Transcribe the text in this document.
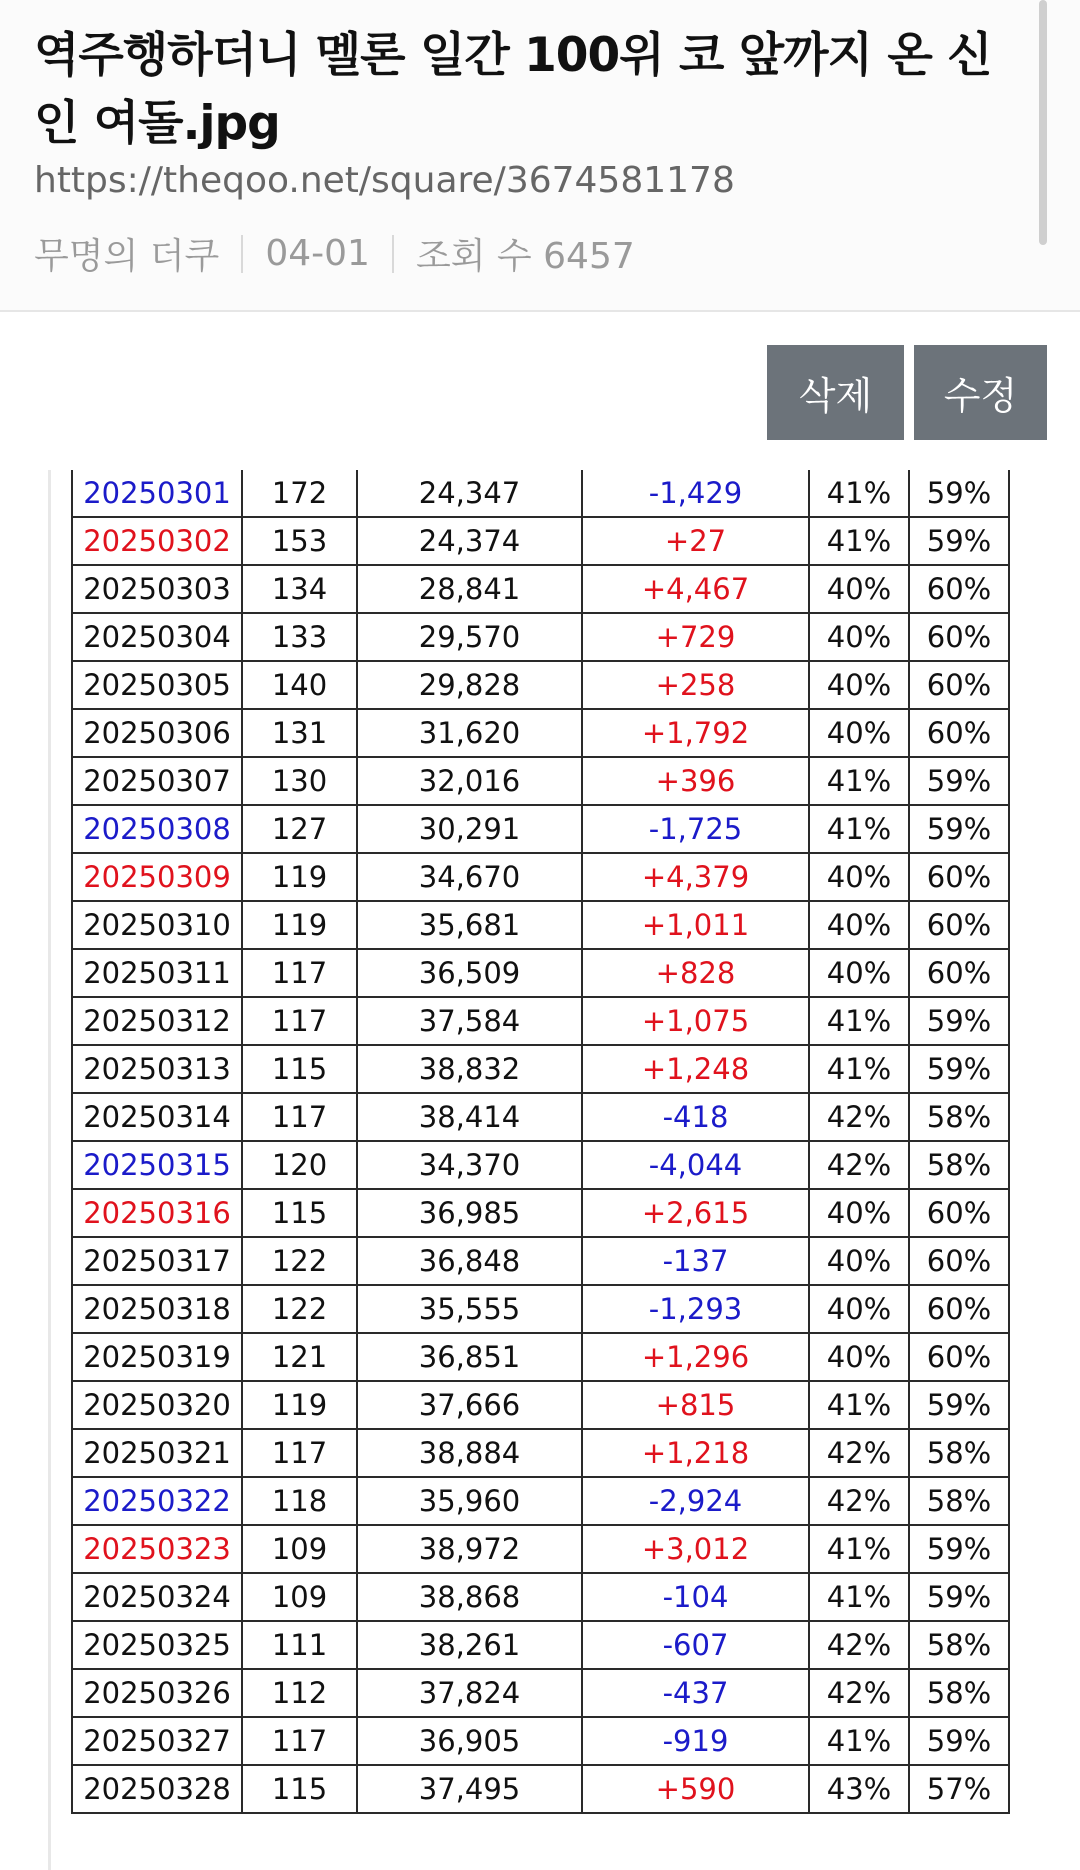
역주행하더니 멜론 일간 100위 코 앞까지 온 신인 여돌.jpg
https://theqoo.net/square/3674581178
무명의 더쿠 04-01 조회 수 6457
삭제	수정
20250301	172	24,347	-1,429	41%	59%
20250302	153	24,374	+27	41%	59%
20250303	134	28,841	+4,467	40%	60%
20250304	133	29,570	+729	40%	60%
20250305	140	29,828	+258	40%	60%
20250306	131	31,620	+1,792	40%	60%
20250307	130	32,016	+396	41%	59%
20250308	127	30,291	-1,725	41%	59%
20250309	119	34,670	+4,379	40%	60%
20250310	119	35,681	+1,011	40%	60%
20250311	117	36,509	+828	40%	60%
20250312	117	37,584	+1,075	41%	59%
20250313	115	38,832	+1,248	41%	59%
20250314	117	38,414	-418	42%	58%
20250315	120	34,370	-4,044	42%	58%
20250316	115	36,985	+2,615	40%	60%
20250317	122	36,848	-137	40%	60%
20250318	122	35,555	-1,293	40%	60%
20250319	121	36,851	+1,296	40%	60%
20250320	119	37,666	+815	41%	59%
20250321	117	38,884	+1,218	42%	58%
20250322	118	35,960	-2,924	42%	58%
20250323	109	38,972	+3,012	41%	59%
20250324	109	38,868	-104	41%	59%
20250325	111	38,261	-607	42%	58%
20250326	112	37,824	-437	42%	58%
20250327	117	36,905	-919	41%	59%
20250328	115	37,495	+590	43%	57%
